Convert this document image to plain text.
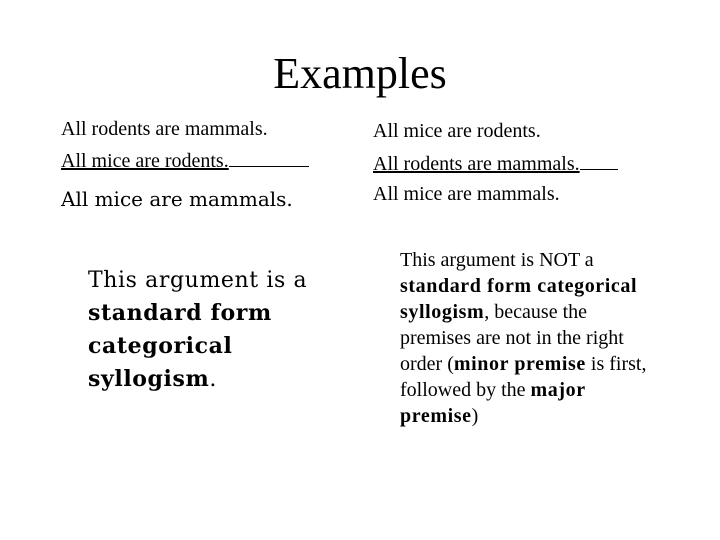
Examples
All rodents are mammals.
All mice are rodents.
All mice are mammals.
This argument is a standard form categorical syllogism.
All mice are rodents.
All rodents are mammals.
All mice are mammals.
This argument is NOT a standard form categorical syllogism, because the premises are not in the right order (minor premise is first, followed by the major premise)
